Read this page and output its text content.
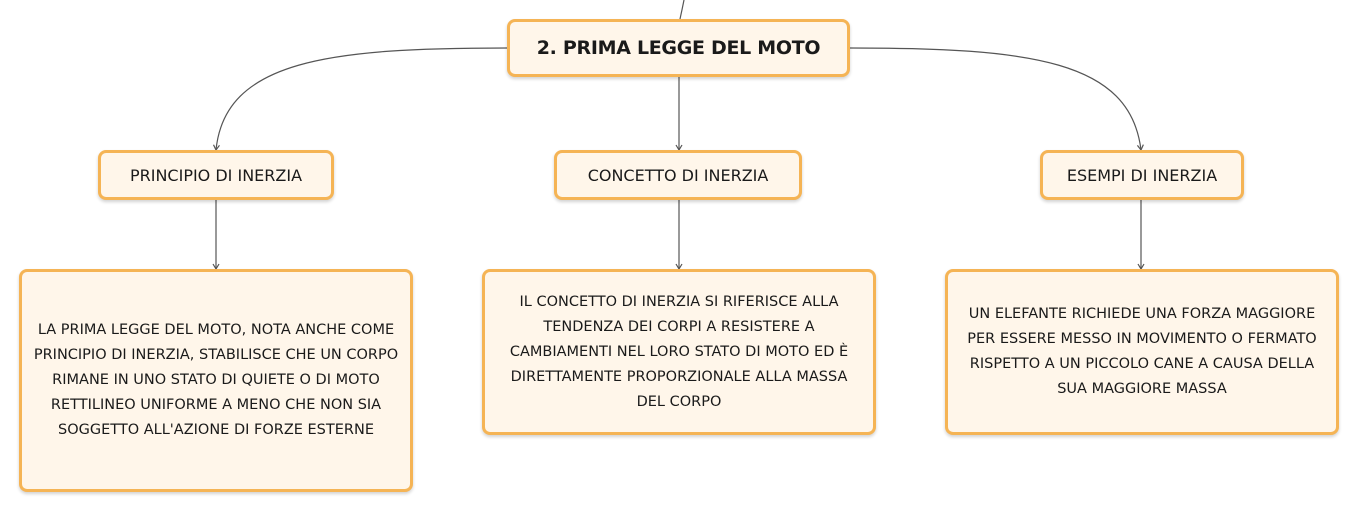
2. PRIMA LEGGE DEL MOTO
PRINCIPIO DI INERZIA	CONCETTO DI INERZIA	ESEMPI DI INERZIA
LA PRIMA LEGGE DEL MOTO, NOTA ANCHE COME PRINCIPIO DI INERZIA, STABILISCE CHE UN CORPO RIMANE IN UNO STATO DI QUIETE O DI MOTO RETTILINEO UNIFORME A MENO CHE NON SIA SOGGETTO ALL'AZIONE DI FORZE ESTERNE
IL CONCETTO DI INERZIA SI RIFERISCE ALLA TENDENZA DEI CORPI A RESISTERE A CAMBIAMENTI NEL LORO STATO DI MOTO ED È DIRETTAMENTE PROPORZIONALE ALLA MASSA DEL CORPO
UN ELEFANTE RICHIEDE UNA FORZA MAGGIORE PER ESSERE MESSO IN MOVIMENTO O FERMATO RISPETTO A UN PICCOLO CANE A CAUSA DELLA SUA MAGGIORE MASSA
